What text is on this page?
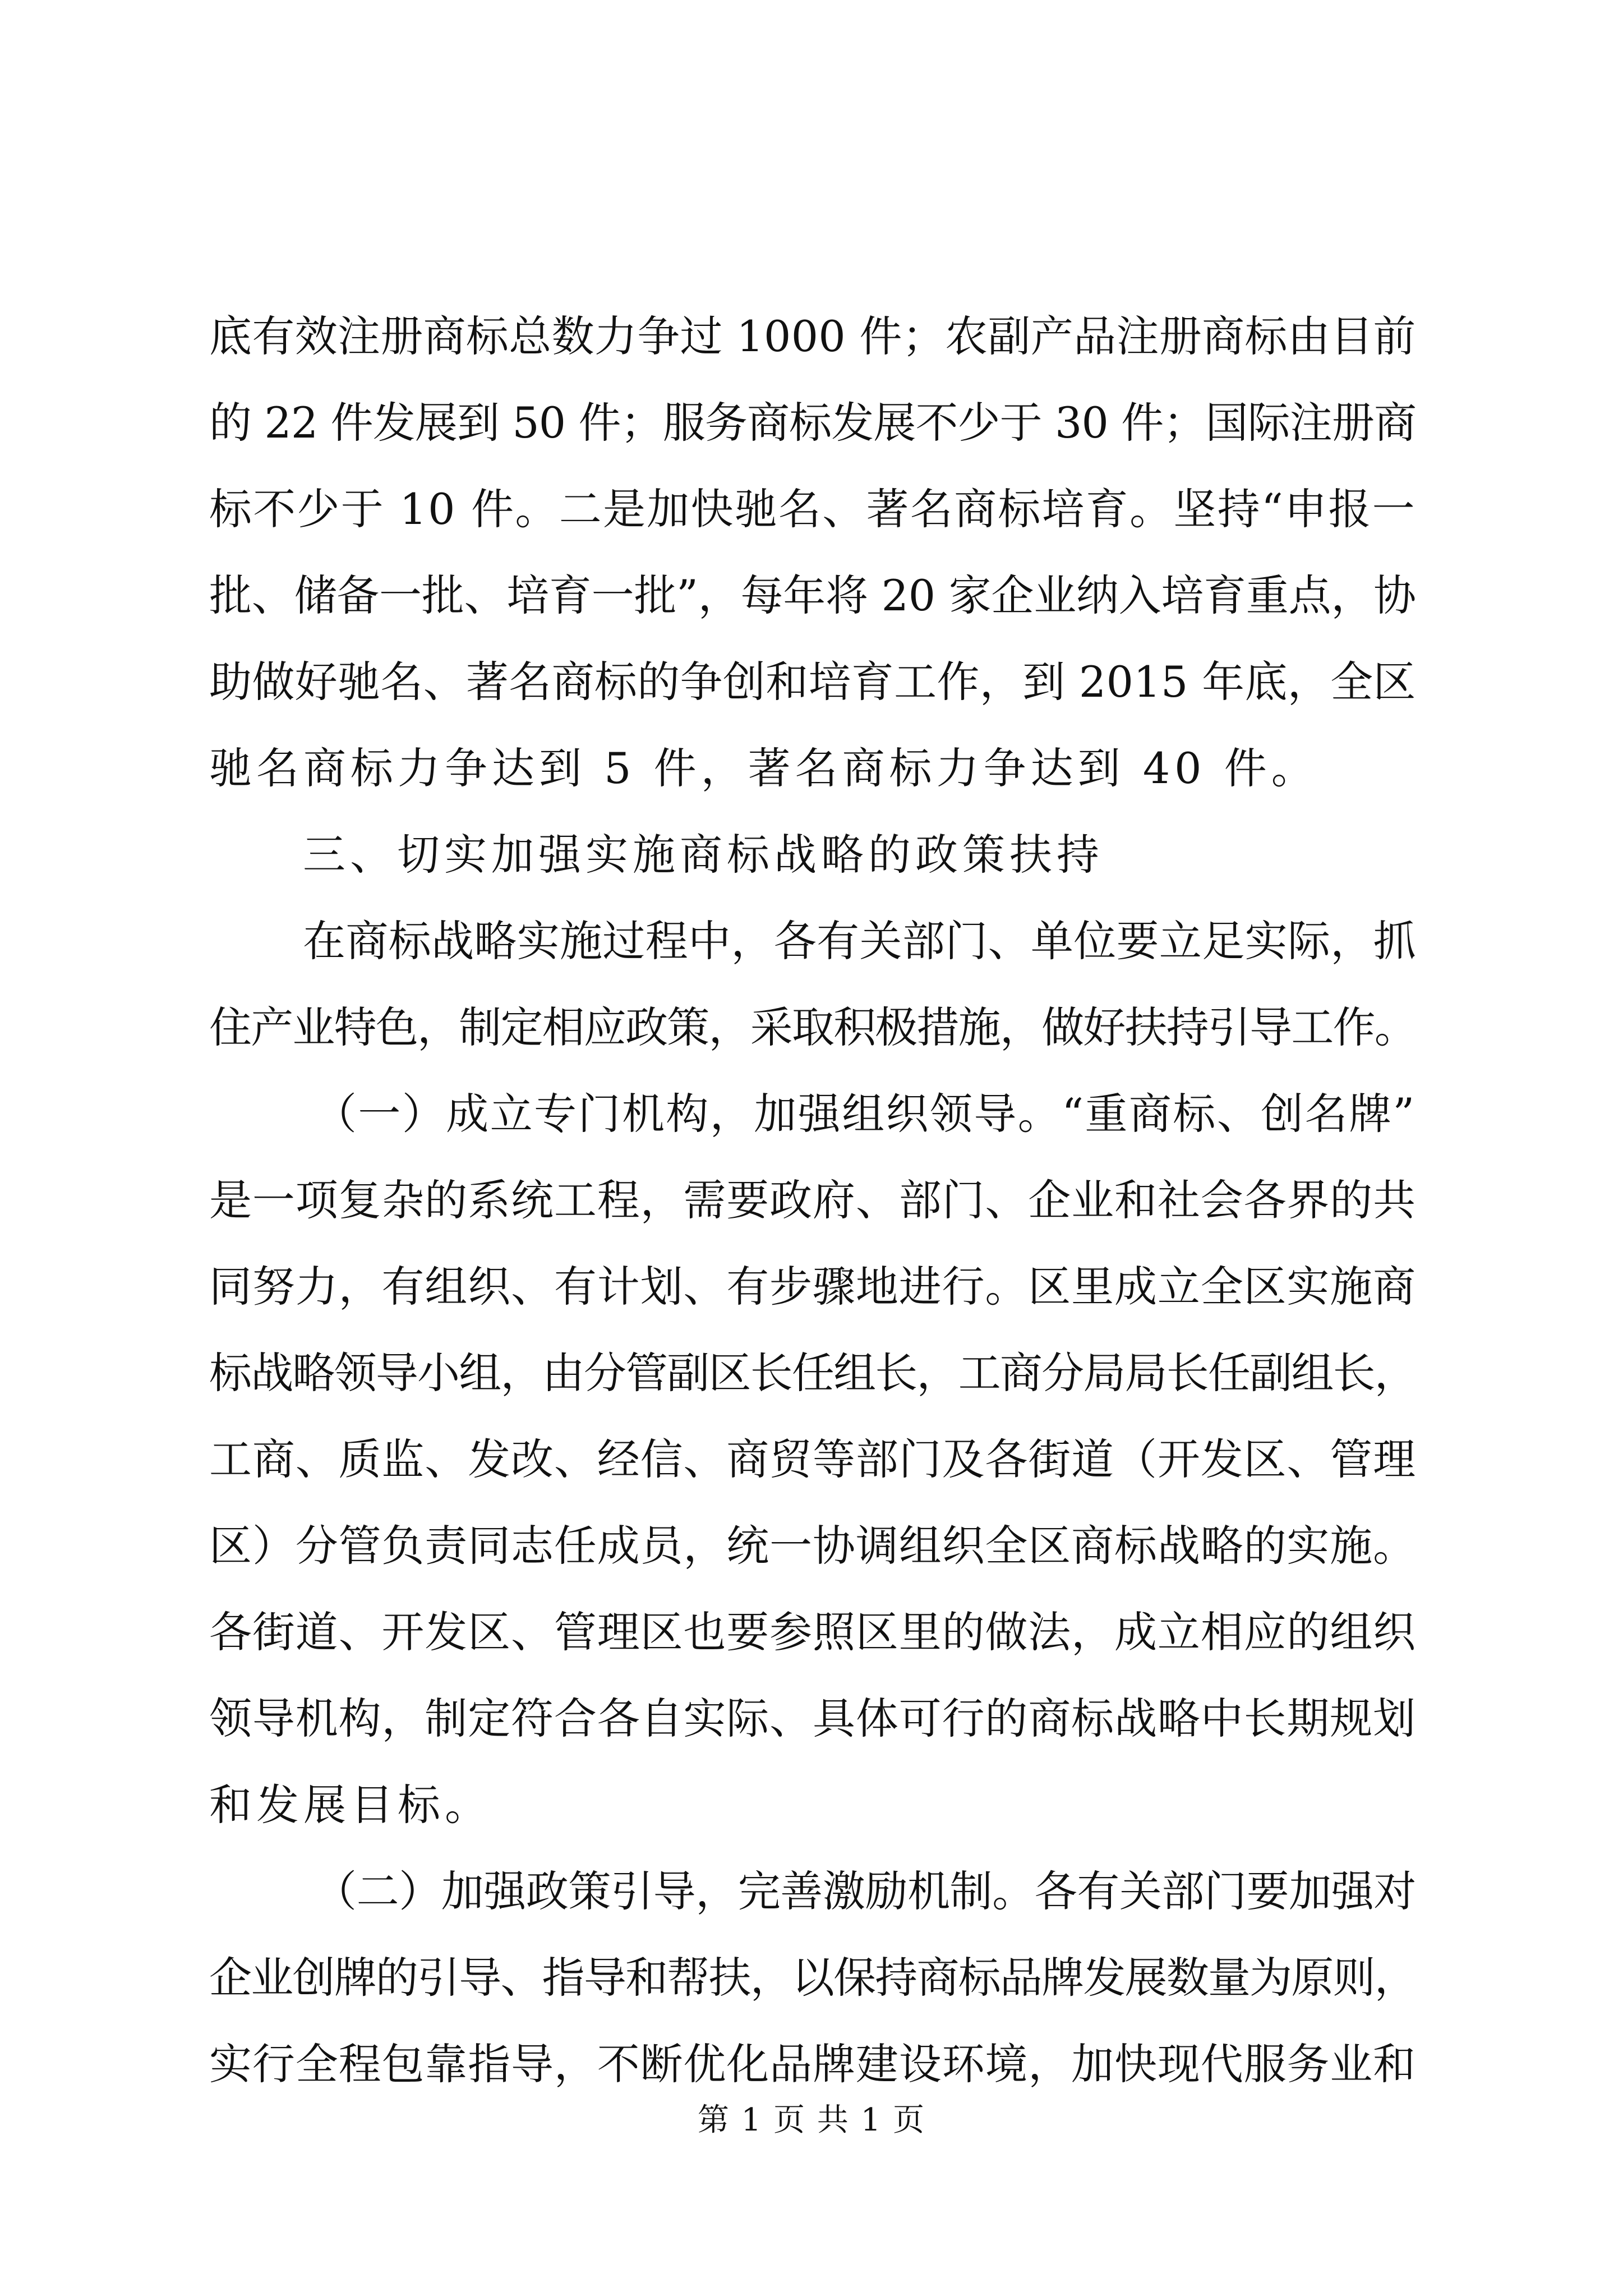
底有效注册商标总数力争过 1000 件；农副产品注册商标由目前
的 22 件发展到 50 件；服务商标发展不少于 30 件；国际注册商
标不少于 10 件。二是加快驰名、著名商标培育。坚持“申报一
批、储备一批、培育一批”，每年将 20 家企业纳入培育重点，协
助做好驰名、著名商标的争创和培育工作，到 2015 年底，全区
驰名商标力争达到 5 件，著名商标力争达到 40 件。
三、切实加强实施商标战略的政策扶持
在商标战略实施过程中，各有关部门、单位要立足实际，抓
住产业特色，制定相应政策，采取积极措施，做好扶持引导工作。
（一）成立专门机构，加强组织领导。“重商标、创名牌”
是一项复杂的系统工程，需要政府、部门、企业和社会各界的共
同努力，有组织、有计划、有步骤地进行。区里成立全区实施商
标战略领导小组，由分管副区长任组长，工商分局局长任副组长，
工商、质监、发改、经信、商贸等部门及各街道（开发区、管理
区）分管负责同志任成员，统一协调组织全区商标战略的实施。
各街道、开发区、管理区也要参照区里的做法，成立相应的组织
领导机构，制定符合各自实际、具体可行的商标战略中长期规划
和发展目标。
（二）加强政策引导，完善激励机制。各有关部门要加强对
企业创牌的引导、指导和帮扶，以保持商标品牌发展数量为原则，
实行全程包靠指导，不断优化品牌建设环境，加快现代服务业和
第 1 页 共 1 页
